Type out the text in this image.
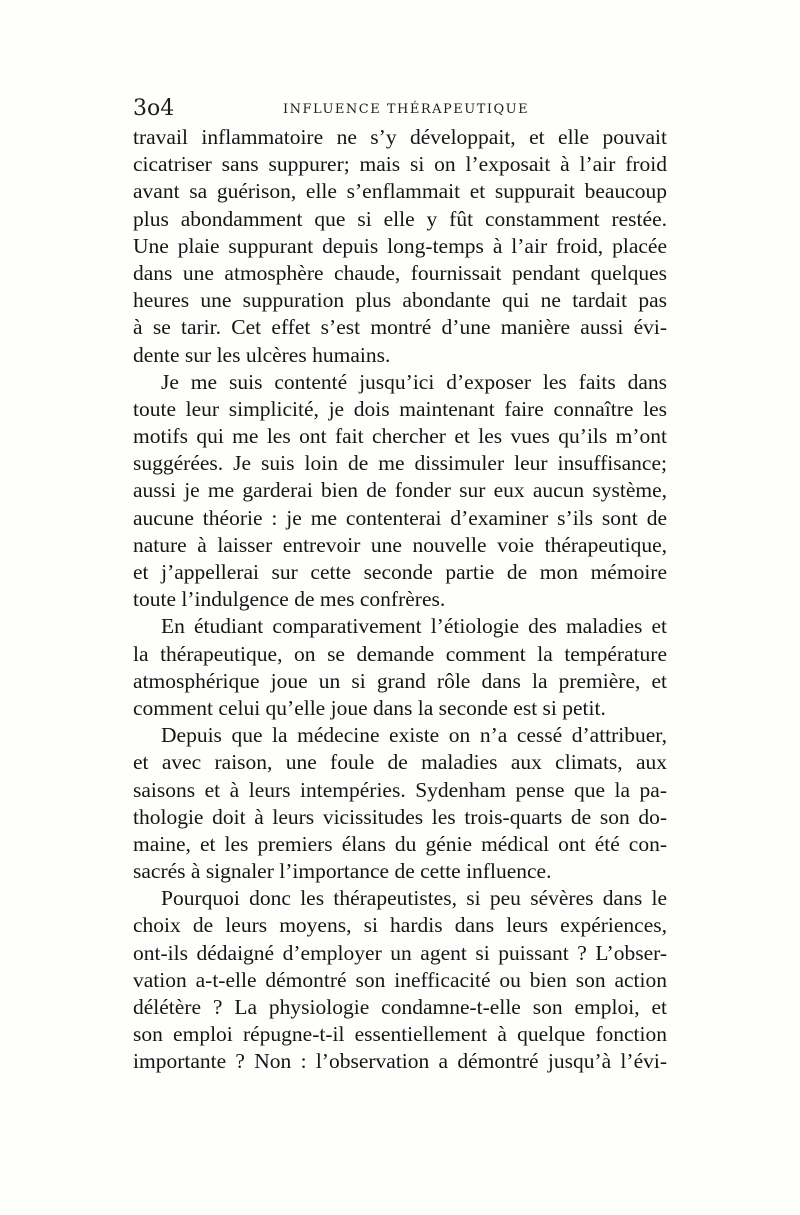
3o4	INFLUENCE THÉRAPEUTIQUE
travail inflammatoire ne s’y développait, et elle pouvait
cicatriser sans suppurer; mais si on l’exposait à l’air froid
avant sa guérison, elle s’enflammait et suppurait beaucoup
plus abondamment que si elle y fût constamment restée.
Une plaie suppurant depuis long-temps à l’air froid, placée
dans une atmosphère chaude, fournissait pendant quelques
heures une suppuration plus abondante qui ne tardait pas
à se tarir. Cet effet s’est montré d’une manière aussi évi-
dente sur les ulcères humains.
Je me suis contenté jusqu’ici d’exposer les faits dans
toute leur simplicité, je dois maintenant faire connaître les
motifs qui me les ont fait chercher et les vues qu’ils m’ont
suggérées. Je suis loin de me dissimuler leur insuffisance;
aussi je me garderai bien de fonder sur eux aucun système,
aucune théorie : je me contenterai d’examiner s’ils sont de
nature à laisser entrevoir une nouvelle voie thérapeutique,
et j’appellerai sur cette seconde partie de mon mémoire
toute l’indulgence de mes confrères.
En étudiant comparativement l’étiologie des maladies et
la thérapeutique, on se demande comment la température
atmosphérique joue un si grand rôle dans la première, et
comment celui qu’elle joue dans la seconde est si petit.
Depuis que la médecine existe on n’a cessé d’attribuer,
et avec raison, une foule de maladies aux climats, aux
saisons et à leurs intempéries. Sydenham pense que la pa-
thologie doit à leurs vicissitudes les trois-quarts de son do-
maine, et les premiers élans du génie médical ont été con-
sacrés à signaler l’importance de cette influence.
Pourquoi donc les thérapeutistes, si peu sévères dans le
choix de leurs moyens, si hardis dans leurs expériences,
ont-ils dédaigné d’employer un agent si puissant ? L’obser-
vation a-t-elle démontré son inefficacité ou bien son action
délétère ? La physiologie condamne-t-elle son emploi, et
son emploi répugne-t-il essentiellement à quelque fonction
importante ? Non : l’observation a démontré jusqu’à l’évi-
